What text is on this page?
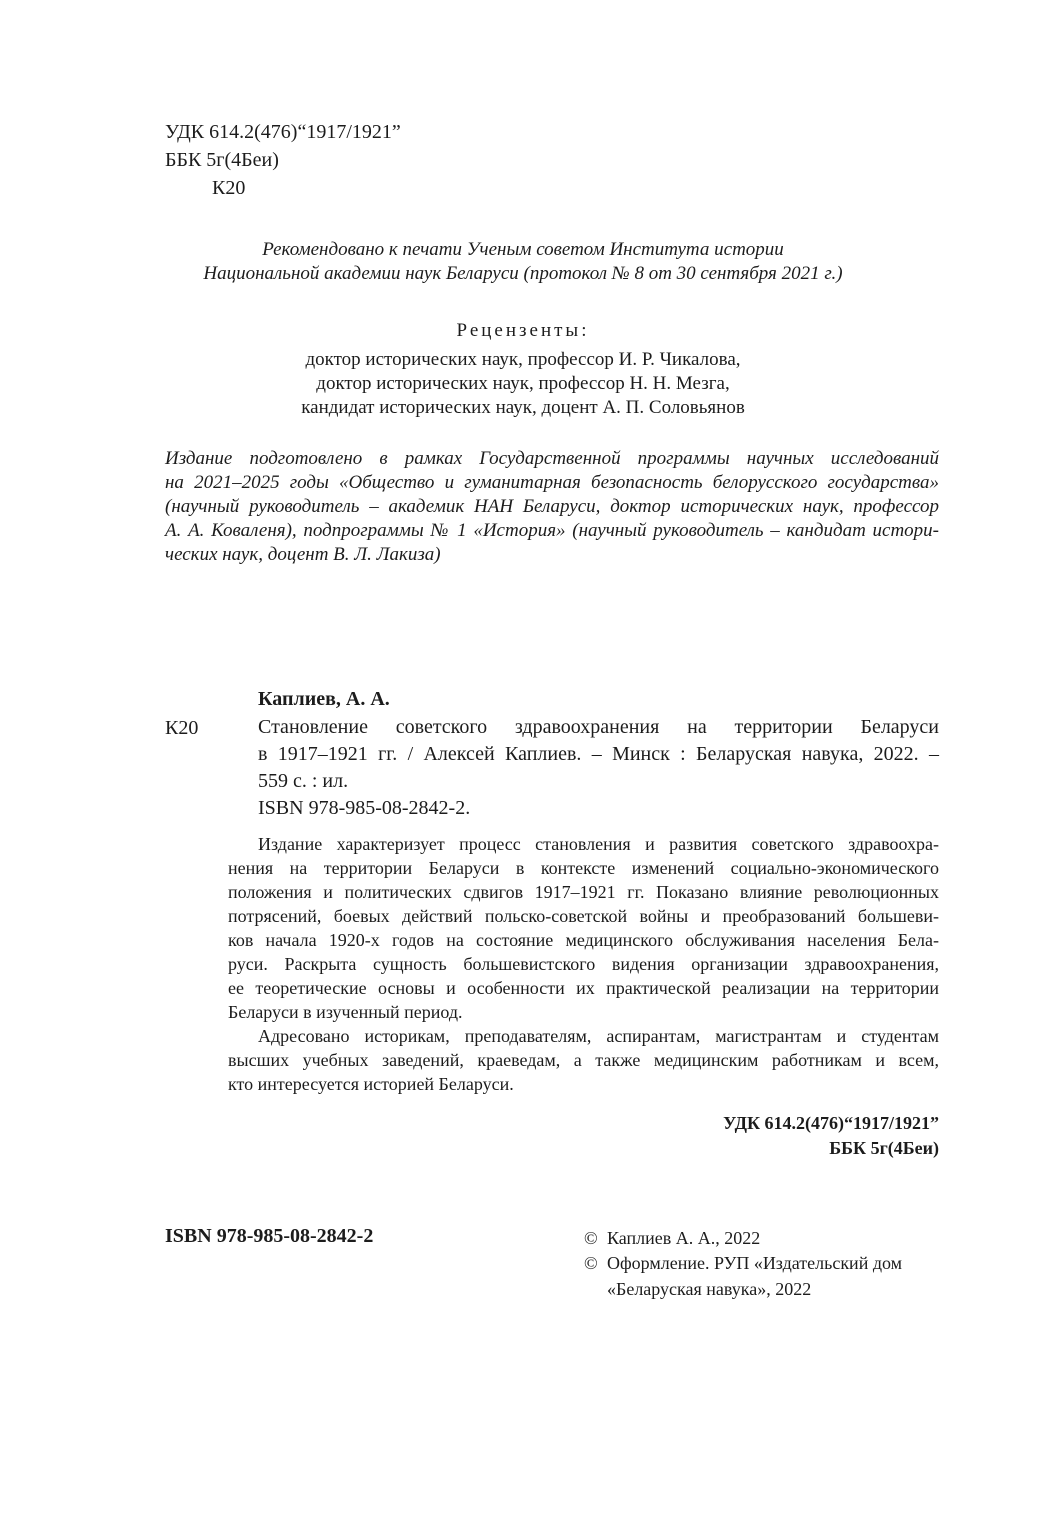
УДК 614.2(476)“1917/1921”
ББК 5г(4Беи)
К20
Рекомендовано к печати Ученым советом Института истории
Национальной академии наук Беларуси (протокол № 8 от 30 сентября 2021 г.)
Рецензенты:
доктор исторических наук, профессор И. Р. Чикалова,
доктор исторических наук, профессор Н. Н. Мезга,
кандидат исторических наук, доцент А. П. Соловьянов
Издание подготовлено в рамках Государственной программы научных исследований
на 2021–2025 годы «Общество и гуманитарная безопасность белорусского государства»
(научный руководитель – академик НАН Беларуси, доктор исторических наук, профессор
А. А. Коваленя), подпрограммы № 1 «История» (научный руководитель – кандидат истори-
ческих наук, доцент В. Л. Лакиза)
Каплиев, А. А.
К20	Становление советского здравоохранения на территории Беларуси
в 1917–1921 гг. / Алексей Каплиев. – Минск : Беларуская навука, 2022. –
559 с. : ил.
ISBN 978-985-08-2842-2.
Издание характеризует процесс становления и развития советского здравоохра-
нения на территории Беларуси в контексте изменений социально-экономического
положения и политических сдвигов 1917–1921 гг. Показано влияние революционных
потрясений, боевых действий польско-советской войны и преобразований большеви-
ков начала 1920-х годов на состояние медицинского обслуживания населения Бела-
руси. Раскрыта сущность большевистского видения организации здравоохранения,
ее теоретические основы и особенности их практической реализации на территории
Беларуси в изученный период.
Адресовано историкам, преподавателям, аспирантам, магистрантам и студентам
высших учебных заведений, краеведам, а также медицинским работникам и всем,
кто интересуется историей Беларуси.
УДК 614.2(476)“1917/1921”
ББК 5г(4Беи)
ISBN 978-985-08-2842-2	© Каплиев А. А., 2022
© Оформление. РУП «Издательский дом
«Беларуская навука», 2022
